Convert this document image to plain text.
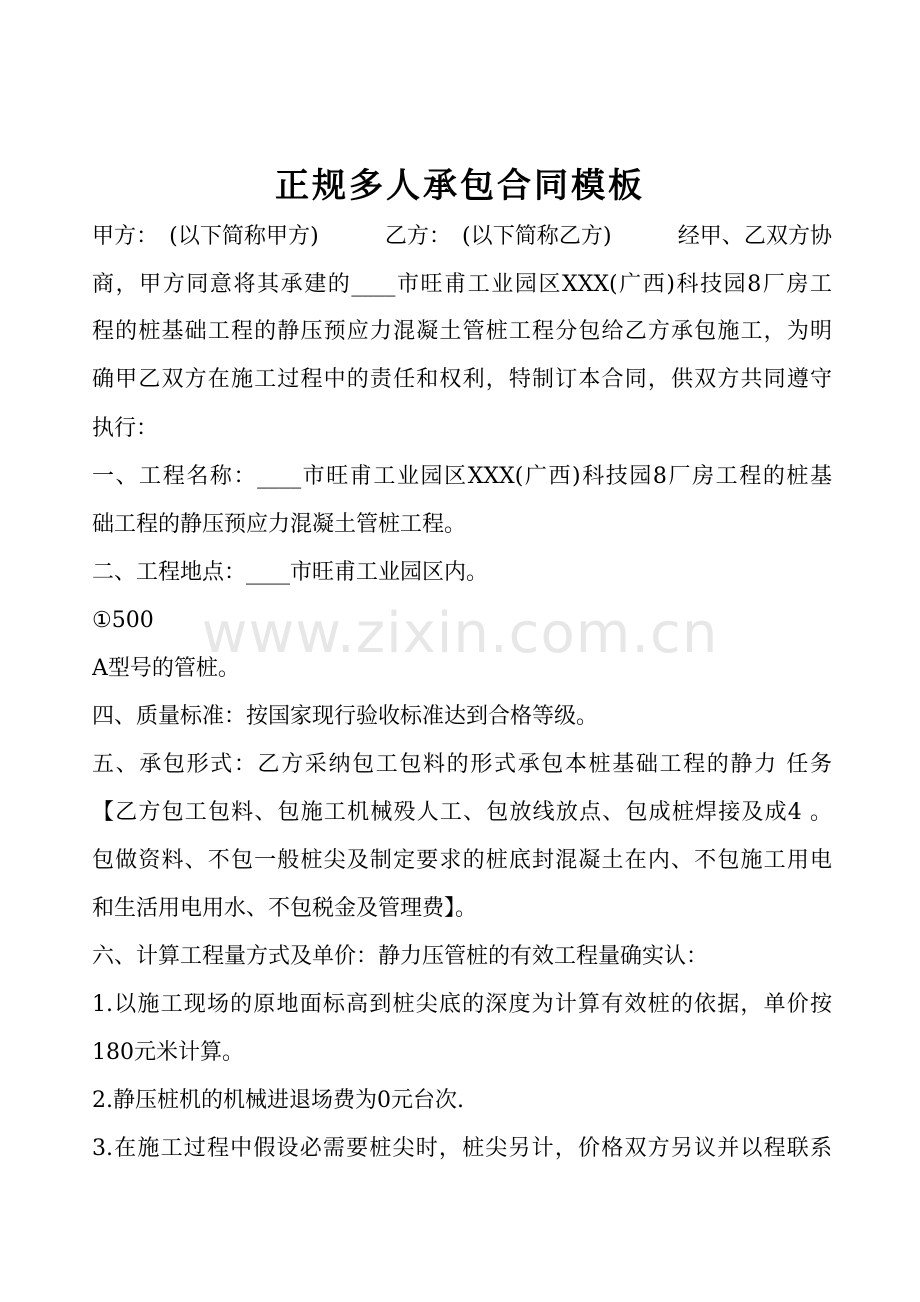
正规多人承包合同模板
甲方：　(以下简称甲方)　　　乙方：　(以下简称乙方)　　　经甲、乙双方协
商，甲方同意将其承建的____市旺甫工业园区XXX(广西)科技园8厂房工
程的桩基础工程的静压预应力混凝土管桩工程分包给乙方承包施工，为明
确甲乙双方在施工过程中的责任和权利，特制订本合同，供双方共同遵守
执行：
一、工程名称：____市旺甫工业园区XXX(广西)科技园8厂房工程的桩基
础工程的静压预应力混凝土管桩工程。
二、工程地点：____市旺甫工业园区内。
①500
A型号的管桩。
四、质量标准：按国家现行验收标准达到合格等级。
五、承包形式：乙方采纳包工包料的形式承包本桩基础工程的静力 任务
【乙方包工包料、包施工机械殁人工、包放线放点、包成桩焊接及成4 。
包做资料、不包一般桩尖及制定要求的桩底封混凝土在内、不包施工用电
和生活用电用水、不包税金及管理费】。
六、计算工程量方式及单价：静力压管桩的有效工程量确实认：
1.以施工现场的原地面标高到桩尖底的深度为计算有效桩的依据，单价按
180元米计算。
2.静压桩机的机械进退场费为0元台次.
3.在施工过程中假设必需要桩尖时，桩尖另计，价格双方另议并以程联系
www.zixin.com.cn
